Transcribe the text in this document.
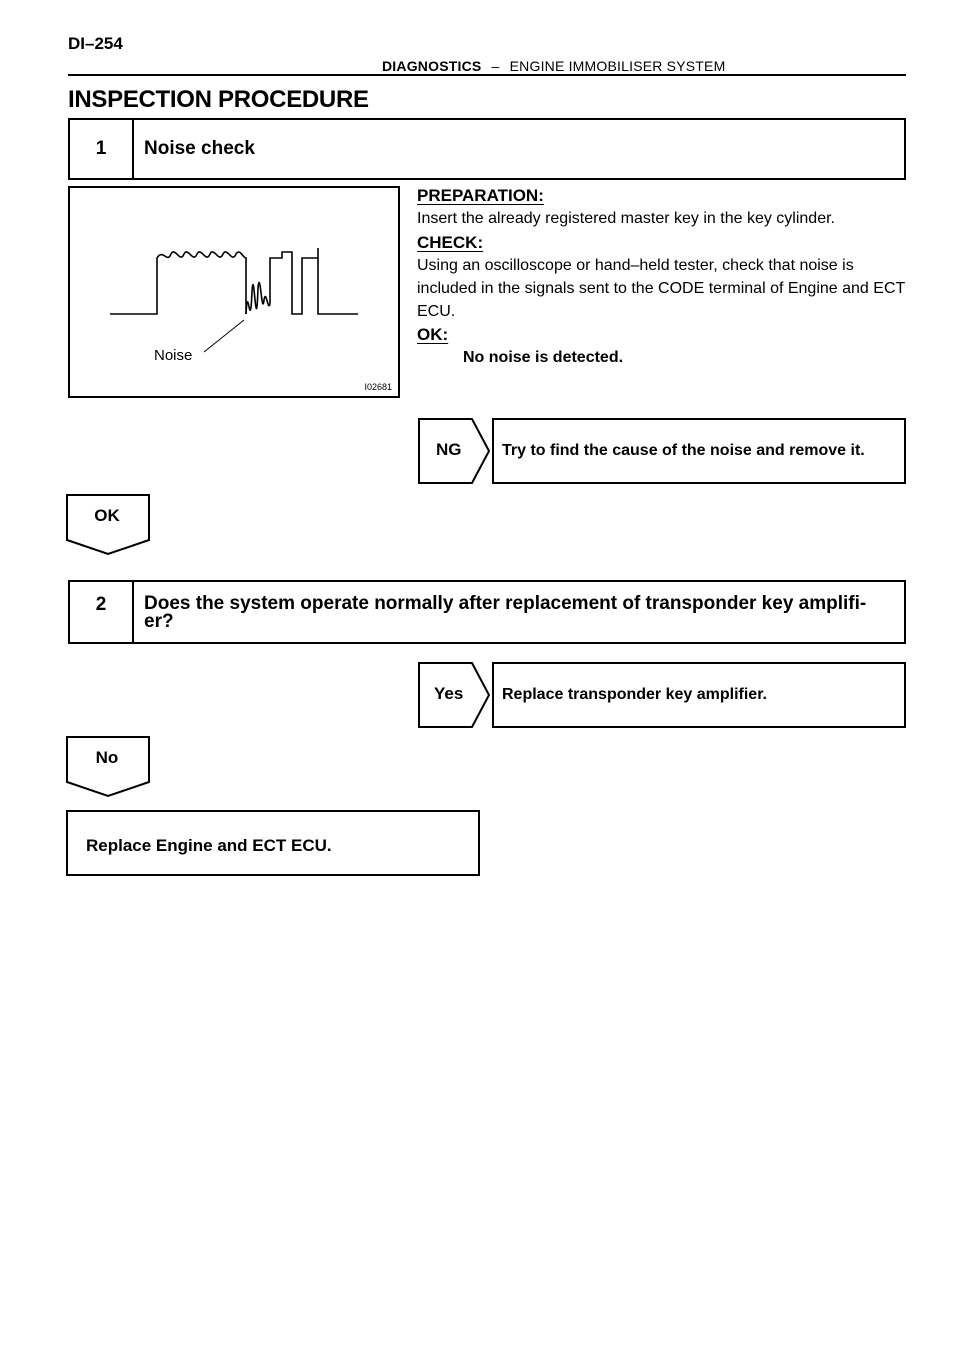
DI–254
DIAGNOSTICS – ENGINE IMMOBILISER SYSTEM
INSPECTION PROCEDURE
1	Noise check
Noise
I02681
PREPARATION:
Insert the already registered master key in the key cylinder.
CHECK:
Using an oscilloscope or hand–held tester, check that noise is included in the signals sent to the CODE terminal of Engine and ECT ECU.
OK:
No noise is detected.
NG	Try to find the cause of the noise and remove it.
OK
2	Does the system operate normally after replacement of transponder key amplifi-
er?
Yes Replace transponder key amplifier.
No
Replace Engine and ECT ECU.
